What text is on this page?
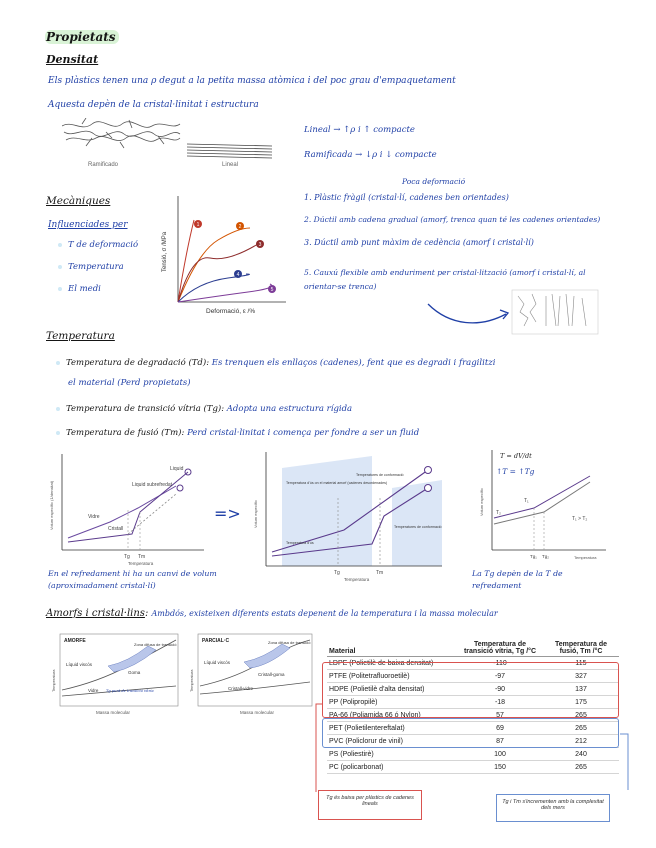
Propietats
Densitat
Els plàstics tenen una ρ degut a la petita massa atòmica i del poc grau d'empaquetament
Aquesta depèn de la cristal·linitat i estructura
Ramificado	Lineal
Lineal → ↑ρ i ↑ compacte
Ramificada → ↓ρ i ↓ compacte
Mecàniques
Influenciades per
T de deformació
Temperatura
El medi
1	2
3
4
5
Tensió, σ /MPa
Deformació, ε /%
Poca deformació
1. Plàstic fràgil (cristal·lí, cadenes ben orientades)
2. Dúctil amb cadena gradual (amorf, trenca quan té les cadenes orientades)
3. Dúctil amb punt màxim de cedència (amorf i cristal·lí)
5. Cauxú flexible amb enduriment per cristal·lització (amorf i cristal·lí, al orientar-se trenca)
Temperatura
Temperatura de degradació (Td): Es trenquen els enllaços (cadenes), fent que es degradi i fragilitzi
el material (Perd propietats)
Temperatura de transició vítria (Tg): Adopta una estructura rígida
Temperatura de fusió (Tm): Perd cristal·linitat i comença per fondre a ser un fluid
Volum específic (1/densitat)
Liquid
Liquid subrefredat
Vidre
Cristall
Tg Tm
Temperatura
=>	Volum específic
Temperatura d'ús on el material amorf (cadenes desordenades)
Temperatures de conformació
Temperatura d'ús
Temperatures de conformació
Tg	Tm
Temperatura
T = dV/dt
↑T = ↑Tg
T₁
T₂
T₁ > T₂
Tg₁ Tg₂
Volum específic
Temperatura
En el refredament hi ha un canvi de volum (aproximadament cristal·lí)
La Tg depèn de la T de refredament
Amorfs i cristal·lins: Ambdós, existeixen diferents estats depenent de la temperatura i la massa molecular
AMORFE
Zona difusa de transició
Líquid viscós
Goma
Vidre Tg punt de transició vítria
Massa molecular
Temperatura
PARCIAL·C	Zona difusa de transició
Líquid viscós
Cristall-goma
Cristall-vidre
Massa molecular
Temperatura
Material	Temperatura de transició vítria, Tg /°C	Temperatura de fusió, Tm /°C
LDPE (Polietilè de baixa densitat)	-110	115
PTFE (Politetrafluoroetilè)	-97	327
HDPE (Polietilè d'alta densitat)	-90	137
PP (Polipropilè)	-18	175
PA-66 (Poliamida 66 ó Nylon)	57	265
PET (Polietilentereftalat)	69	265
PVC (Policlorur de vinil)	87	212
PS (Poliestirè)	100	240
PC (policarbonat)	150	265
Tg és baixa per plàstics de cadenes lineals	Tg i Tm s'incrementen amb la complexitat dels mers
